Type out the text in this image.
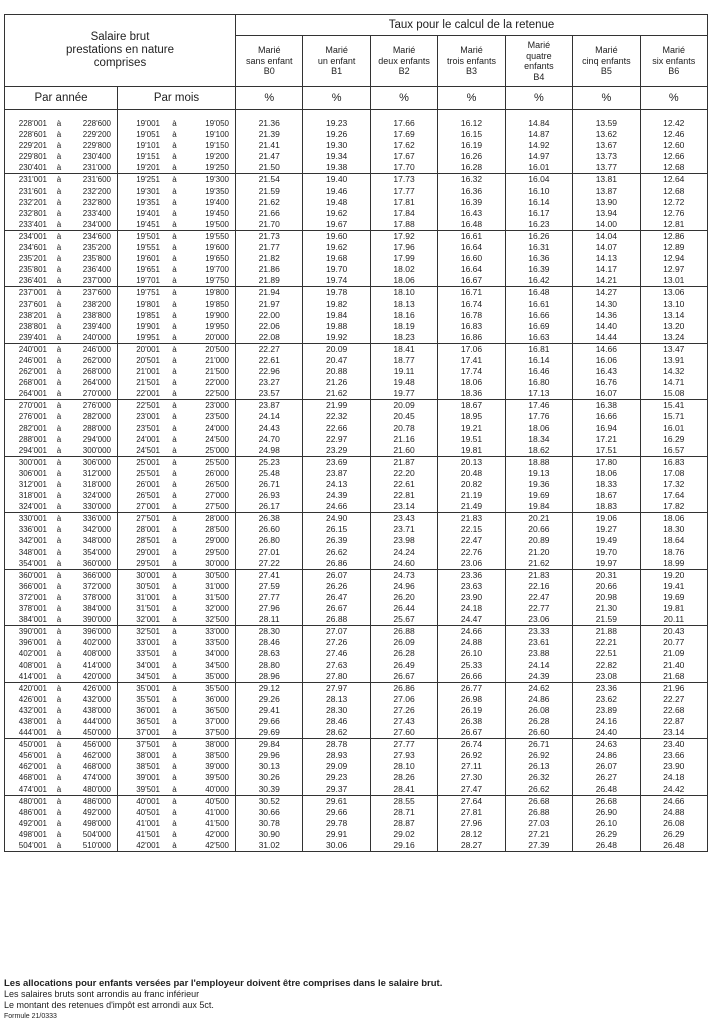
Salaire brut
prestations en nature
comprises		Taux pour le calcul de la retenue						
		Marié
sans enfant
B0	Marié
un enfant
B1	Marié
deux enfants
B2	Marié
trois enfants
B3	Marié
quatre
enfants
B4	Marié
cinq enfants
B5	Marié
six enfants
B6
Par année	Par mois	%	%	%	%	%	%	%

228'001 à 228'600	19'001 à 19'050	21.36	19.23	17.66	16.12	14.84	13.59	12.42

228'601 à 229'200	19'051 à 19'100	21.39	19.26	17.69	16.15	14.87	13.62	12.46

229'201 à 229'800	19'101 à 19'150	21.41	19.30	17.62	16.19	14.92	13.67	12.60

229'801 à 230'400	19'151 à 19'200	21.47	19.34	17.67	16.26	14.97	13.73	12.66

230'401 à 231'000	19'201 à 19'250	21.50	19.38	17.70	16.28	16.01	13.77	12.68

231'001 à 231'600	19'251 à 19'300	21.54	19.40	17.73	16.32	16.04	13.81	12.64

231'601 à 232'200	19'301 à 19'350	21.59	19.46	17.77	16.36	16.10	13.87	12.68

232'201 à 232'800	19'351 à 19'400	21.62	19.48	17.81	16.39	16.14	13.90	12.72

232'801 à 233'400	19'401 à 19'450	21.66	19.62	17.84	16.43	16.17	13.94	12.76

233'401 à 234'000	19'451 à 19'500	21.70	19.67	17.88	16.48	16.23	14.00	12.81

234'001 à 234'600	19'501 à 19'550	21.73	19.60	17.92	16.61	16.26	14.04	12.86

234'601 à 235'200	19'551 à 19'600	21.77	19.62	17.96	16.64	16.31	14.07	12.89

235'201 à 235'800	19'601 à 19'650	21.82	19.68	17.99	16.60	16.36	14.13	12.94

235'801 à 236'400	19'651 à 19'700	21.86	19.70	18.02	16.64	16.39	14.17	12.97

236'401 à 237'000	19'701 à 19'750	21.89	19.74	18.06	16.67	16.42	14.21	13.01

237'001 à 237'600	19'751 à 19'800	21.94	19.78	18.10	16.71	16.48	14.27	13.06

237'601 à 238'200	19'801 à 19'850	21.97	19.82	18.13	16.74	16.61	14.30	13.10

238'201 à 238'800	19'851 à 19'900	22.00	19.84	18.16	16.78	16.66	14.36	13.14

238'801 à 239'400	19'901 à 19'950	22.06	19.88	18.19	16.83	16.69	14.40	13.20

239'401 à 240'000	19'951 à 20'000	22.08	19.92	18.23	16.86	16.63	14.44	13.24

240'001 à 246'000	20'001 à 20'500	22.27	20.09	18.41	17.06	16.81	14.66	13.47

246'001 à 262'000	20'501 à 21'000	22.61	20.47	18.77	17.41	16.14	16.06	13.91

262'001 à 268'000	21'001 à 21'500	22.96	20.88	19.11	17.74	16.46	16.43	14.32

268'001 à 264'000	21'501 à 22'000	23.27	21.26	19.48	18.06	16.80	16.76	14.71

264'001 à 270'000	22'001 à 22'500	23.57	21.62	19.77	18.36	17.13	16.07	15.08

270'001 à 276'000	22'501 à 23'000	23.87	21.99	20.09	18.67	17.46	16.38	15.41

276'001 à 282'000	23'001 à 23'500	24.14	22.32	20.45	18.95	17.76	16.66	15.71

282'001 à 288'000	23'501 à 24'000	24.43	22.66	20.78	19.21	18.06	16.94	16.01

288'001 à 294'000	24'001 à 24'500	24.70	22.97	21.16	19.51	18.34	17.21	16.29

294'001 à 300'000	24'501 à 25'000	24.98	23.29	21.60	19.81	18.62	17.51	16.57

300'001 à 306'000	25'001 à 25'500	25.23	23.69	21.87	20.13	18.88	17.80	16.83

306'001 à 312'000	25'501 à 26'000	25.48	23.87	22.20	20.48	19.13	18.06	17.08

312'001 à 318'000	26'001 à 26'500	26.71	24.13	22.61	20.82	19.36	18.33	17.32

318'001 à 324'000	26'501 à 27'000	26.93	24.39	22.81	21.19	19.69	18.67	17.64

324'001 à 330'000	27'001 à 27'500	26.17	24.66	23.14	21.49	19.84	18.83	17.82

330'001 à 336'000	27'501 à 28'000	26.38	24.90	23.43	21.83	20.21	19.06	18.06

336'001 à 342'000	28'001 à 28'500	26.60	26.15	23.71	22.15	20.66	19.27	18.30

342'001 à 348'000	28'501 à 29'000	26.80	26.39	23.98	22.47	20.89	19.49	18.64

348'001 à 354'000	29'001 à 29'500	27.01	26.62	24.24	22.76	21.20	19.70	18.76

354'001 à 360'000	29'501 à 30'000	27.22	26.86	24.60	23.06	21.62	19.97	18.99

360'001 à 366'000	30'001 à 30'500	27.41	26.07	24.73	23.36	21.83	20.31	19.20

366'001 à 372'000	30'501 à 31'000	27.59	26.26	24.96	23.63	22.16	20.66	19.41

372'001 à 378'000	31'001 à 31'500	27.77	26.47	26.20	23.90	22.47	20.98	19.69

378'001 à 384'000	31'501 à 32'000	27.96	26.67	26.44	24.18	22.77	21.30	19.81

384'001 à 390'000	32'001 à 32'500	28.11	26.88	25.67	24.47	23.06	21.59	20.11

390'001 à 396'000	32'501 à 33'000	28.30	27.07	26.88	24.66	23.33	21.88	20.43

396'001 à 402'000	33'001 à 33'500	28.46	27.26	26.09	24.88	23.61	22.21	20.77

402'001 à 408'000	33'501 à 34'000	28.63	27.46	26.28	26.10	23.88	22.51	21.09

408'001 à 414'000	34'001 à 34'500	28.80	27.63	26.49	25.33	24.14	22.82	21.40

414'001 à 420'000	34'501 à 35'000	28.96	27.80	26.67	26.66	24.39	23.08	21.68

420'001 à 426'000	35'001 à 35'500	29.12	27.97	26.86	26.77	24.62	23.36	21.96

426'001 à 432'000	35'501 à 36'000	29.26	28.13	27.06	26.98	24.86	23.62	22.27

432'001 à 438'000	36'001 à 36'500	29.41	28.30	27.26	26.19	26.08	23.89	22.68

438'001 à 444'000	36'501 à 37'000	29.66	28.46	27.43	26.38	26.28	24.16	22.87

444'001 à 450'000	37'001 à 37'500	29.69	28.62	27.60	26.67	26.60	24.40	23.14

450'001 à 456'000	37'501 à 38'000	29.84	28.78	27.77	26.74	26.71	24.63	23.40

456'001 à 462'000	38'001 à 38'500	29.96	28.93	27.93	26.92	26.92	24.86	23.66

462'001 à 468'000	38'501 à 39'000	30.13	29.09	28.10	27.11	26.13	26.07	23.90

468'001 à 474'000	39'001 à 39'500	30.26	29.23	28.26	27.30	26.32	26.27	24.18

474'001 à 480'000	39'501 à 40'000	30.39	29.37	28.41	27.47	26.62	26.48	24.42

480'001 à 486'000	40'001 à 40'500	30.52	29.61	28.55	27.64	26.68	26.68	24.66

486'001 à 492'000	40'501 à 41'000	30.66	29.66	28.71	27.81	26.88	26.90	24.88

492'001 à 498'000	41'001 à 41'500	30.78	29.78	28.87	27.96	27.03	26.10	26.08

498'001 à 504'000	41'501 à 42'000	30.90	29.91	29.02	28.12	27.21	26.29	26.29

504'001 à 510'000	42'001 à 42'500	31.02	30.06	29.16	28.27	27.39	26.48	26.48
Les allocations pour enfants versées par l'employeur doivent être comprises dans le salaire brut.
Les salaires bruts sont arrondis au franc inférieur
Le montant des retenues d'impôt est arrondi aux 5ct.
Formule 21/0333
